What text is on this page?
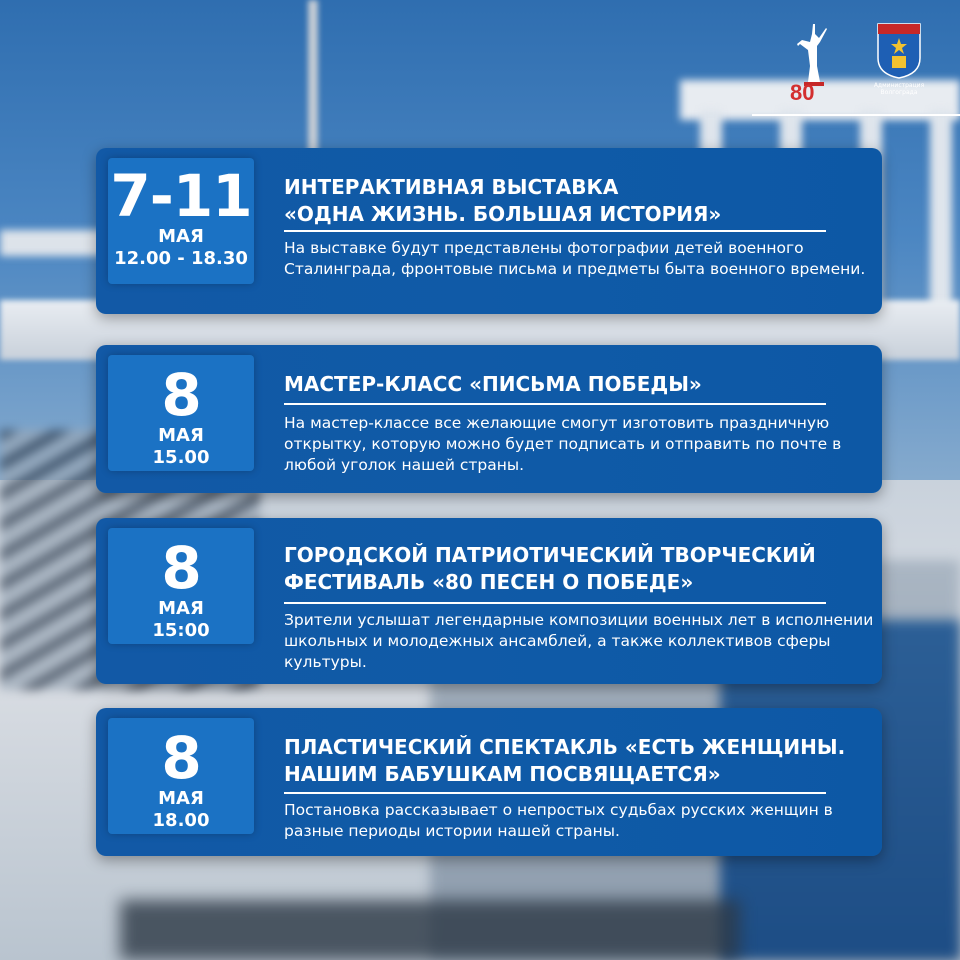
80	Администрация Волгограда
7-11
МАЯ
12.00 - 18.30
ИНТЕРАКТИВНАЯ ВЫСТАВКА
«ОДНА ЖИЗНЬ. БОЛЬШАЯ ИСТОРИЯ»
На выставке будут представлены фотографии детей военного Сталинграда, фронтовые письма и предметы быта военного времени.
8
МАЯ
15.00
МАСТЕР-КЛАСС «ПИСЬМА ПОБЕДЫ»
На мастер-классе все желающие смогут изготовить праздничную открытку, которую можно будет подписать и отправить по почте в любой уголок нашей страны.
8
МАЯ
15:00
ГОРОДСКОЙ ПАТРИОТИЧЕСКИЙ ТВОРЧЕСКИЙ
ФЕСТИВАЛЬ «80 ПЕСЕН О ПОБЕДЕ»
Зрители услышат легендарные композиции военных лет в исполнении школьных и молодежных ансамблей, а также коллективов сферы культуры.
8
МАЯ
18.00
ПЛАСТИЧЕСКИЙ СПЕКТАКЛЬ «ЕСТЬ ЖЕНЩИНЫ.
НАШИМ БАБУШКАМ ПОСВЯЩАЕТСЯ»
Постановка рассказывает о непростых судьбах русских женщин в разные периоды истории нашей страны.
